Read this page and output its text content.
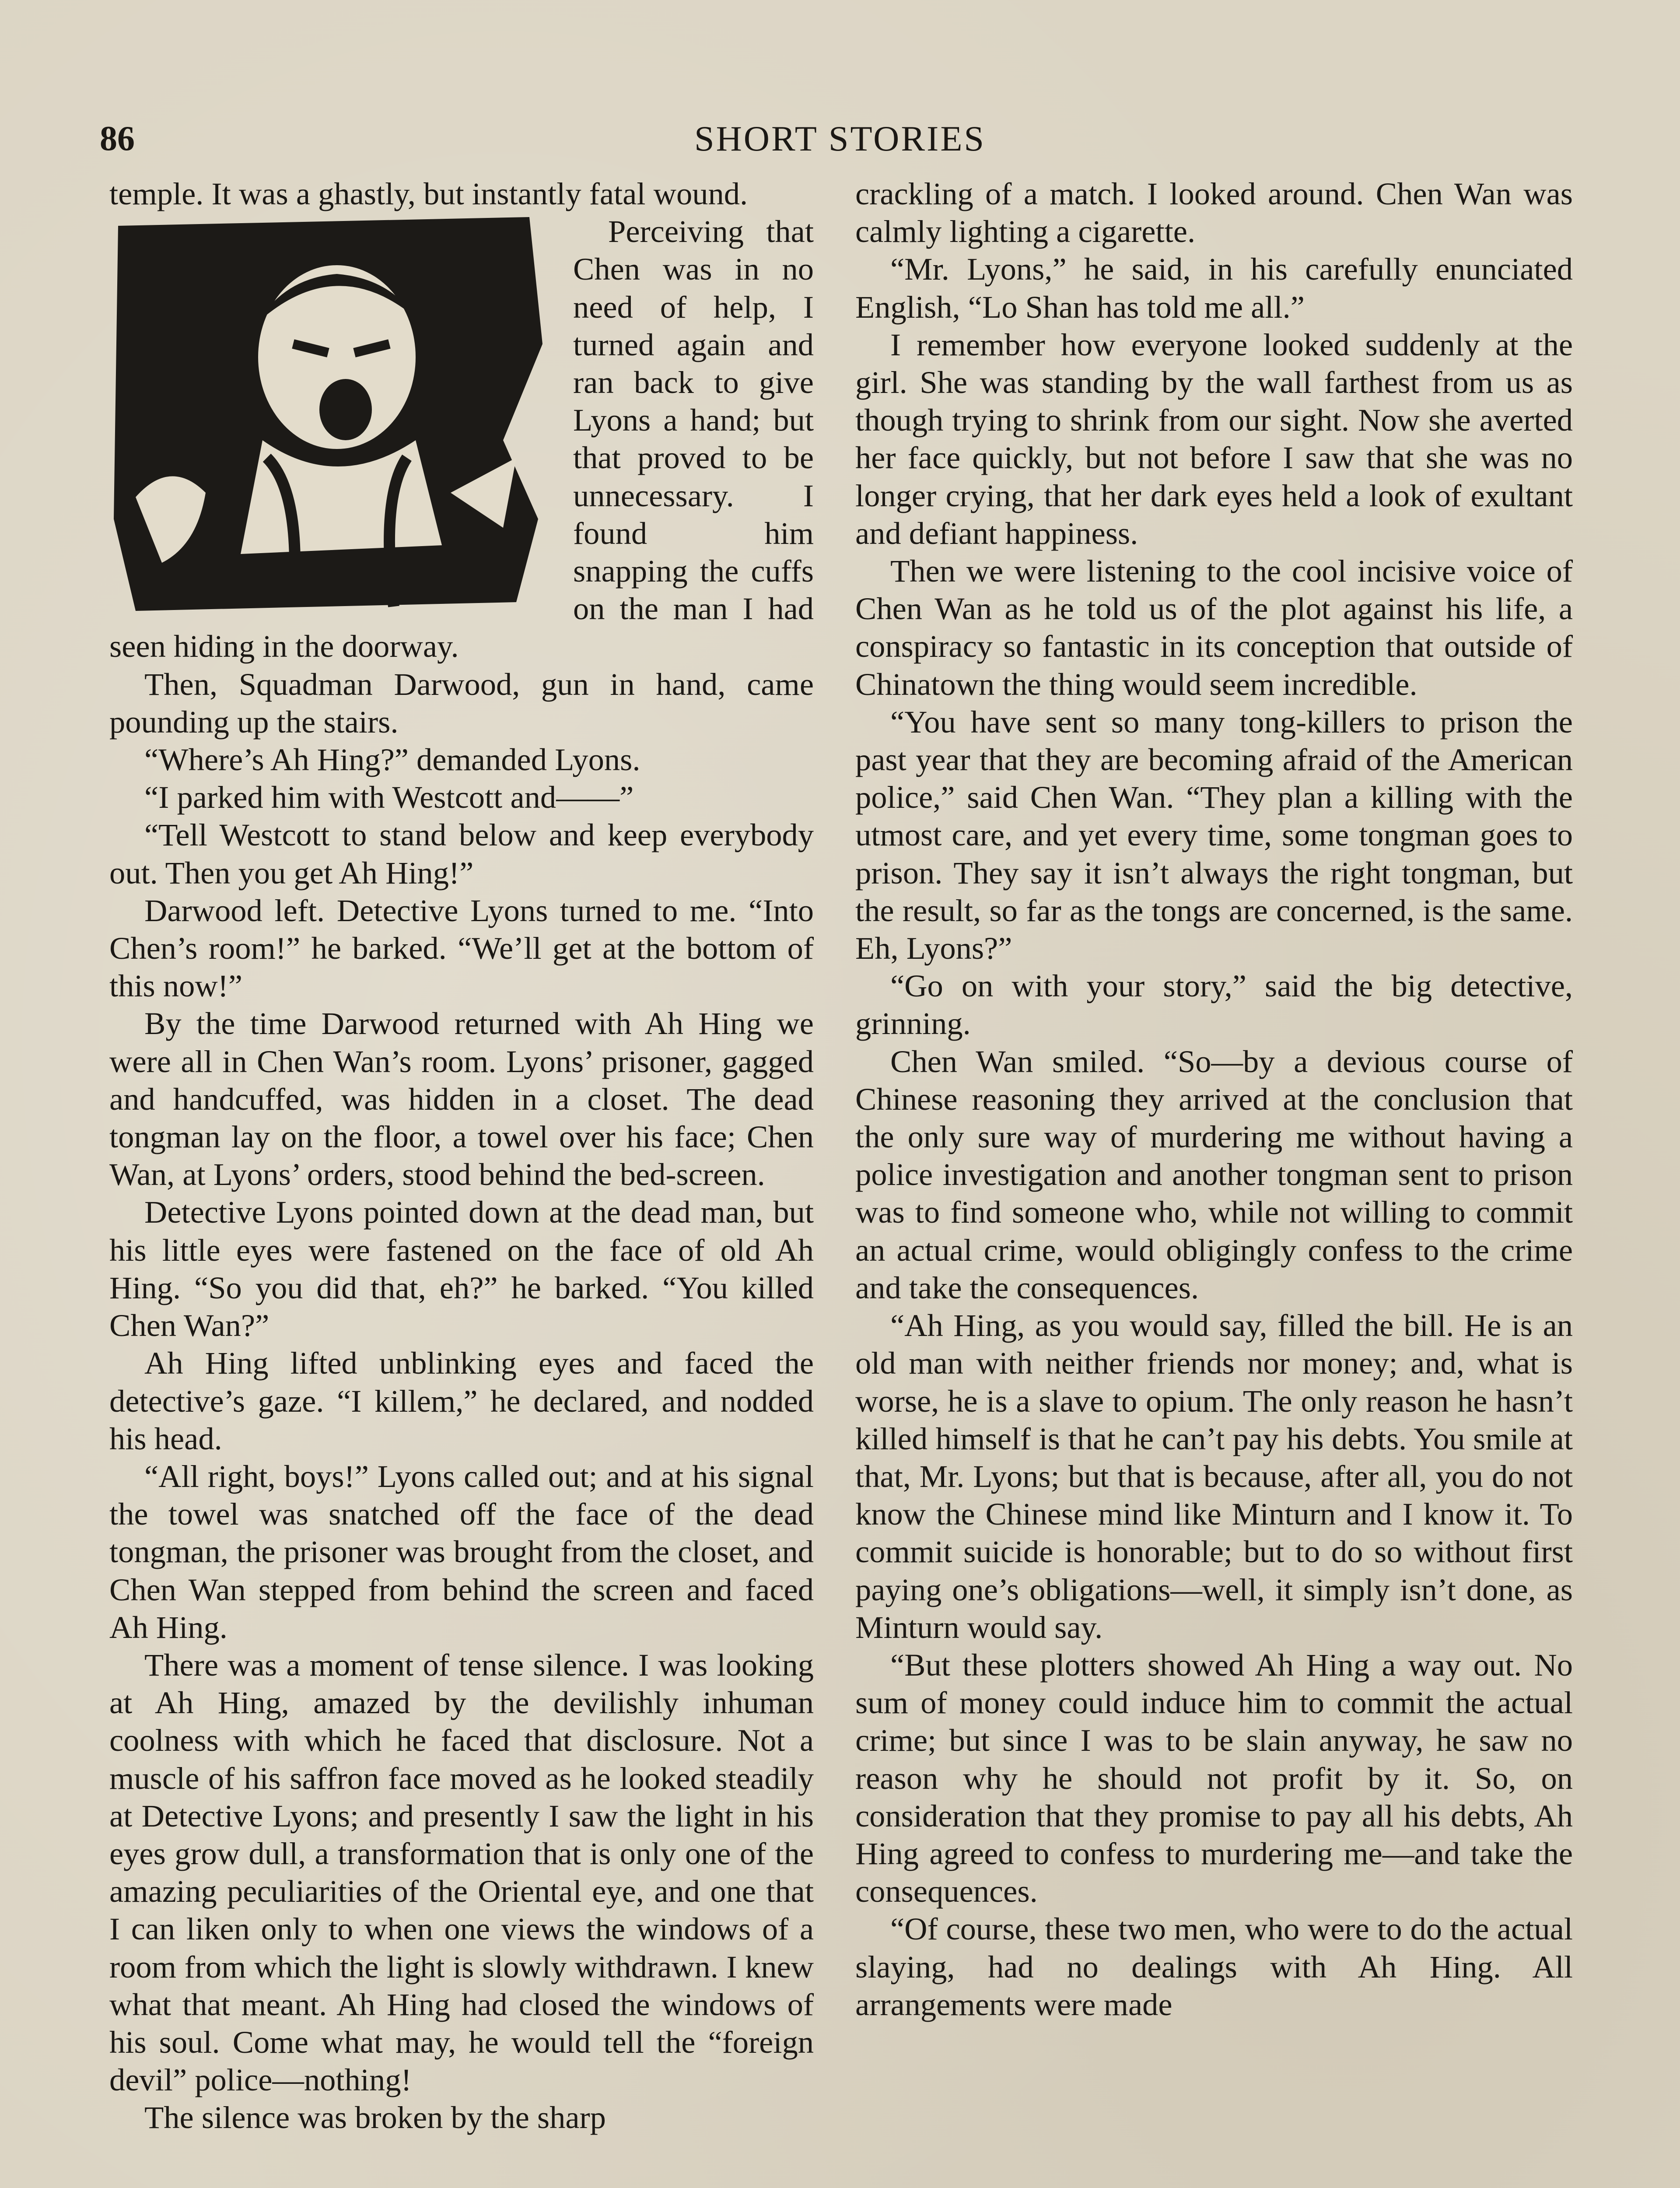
86	SHORT STORIES

temple. It was a ghastly, but instantly fatal wound.

Perceiving that Chen was in no need of help, I turned again and ran back to give Lyons a hand; but that proved to be unnecessary. I found him snapping the cuffs on the man I had seen hiding in the doorway.

Then, Squadman Darwood, gun in hand, came pounding up the stairs.

“Where’s Ah Hing?” demanded Lyons.

“I parked him with Westcott and——”

“Tell Westcott to stand below and keep everybody out. Then you get Ah Hing!”

Darwood left. Detective Lyons turned to me. “Into Chen’s room!” he barked. “We’ll get at the bottom of this now!”

By the time Darwood returned with Ah Hing we were all in Chen Wan’s room. Lyons’ prisoner, gagged and handcuffed, was hidden in a closet. The dead tongman lay on the floor, a towel over his face; Chen Wan, at Lyons’ orders, stood behind the bed-screen.

Detective Lyons pointed down at the dead man, but his little eyes were fastened on the face of old Ah Hing. “So you did that, eh?” he barked. “You killed Chen Wan?”

Ah Hing lifted unblinking eyes and faced the detective’s gaze. “I killem,” he declared, and nodded his head.

“All right, boys!” Lyons called out; and at his signal the towel was snatched off the face of the dead tongman, the prisoner was brought from the closet, and Chen Wan stepped from behind the screen and faced Ah Hing.

There was a moment of tense silence. I was looking at Ah Hing, amazed by the devilishly inhuman coolness with which he faced that disclosure. Not a muscle of his saffron face moved as he looked steadily at Detective Lyons; and presently I saw the light in his eyes grow dull, a transformation that is only one of the amazing peculiarities of the Oriental eye, and one that I can liken only to when one views the windows of a room from which the light is slowly withdrawn. I knew what that meant. Ah Hing had closed the windows of his soul. Come what may, he would tell the “foreign devil” police—nothing!

The silence was broken by the sharp

crackling of a match. I looked around. Chen Wan was calmly lighting a cigarette.

“Mr. Lyons,” he said, in his carefully enunciated English, “Lo Shan has told me all.”

I remember how everyone looked suddenly at the girl. She was standing by the wall farthest from us as though trying to shrink from our sight. Now she averted her face quickly, but not before I saw that she was no longer crying, that her dark eyes held a look of exultant and defiant happiness.

Then we were listening to the cool incisive voice of Chen Wan as he told us of the plot against his life, a conspiracy so fantastic in its conception that outside of Chinatown the thing would seem incredible.

“You have sent so many tong-killers to prison the past year that they are becoming afraid of the American police,” said Chen Wan. “They plan a killing with the utmost care, and yet every time, some tongman goes to prison. They say it isn’t always the right tongman, but the result, so far as the tongs are concerned, is the same. Eh, Lyons?”

“Go on with your story,” said the big detective, grinning.

Chen Wan smiled. “So—by a devious course of Chinese reasoning they arrived at the conclusion that the only sure way of murdering me without having a police investigation and another tongman sent to prison was to find someone who, while not willing to commit an actual crime, would obligingly confess to the crime and take the consequences.

“Ah Hing, as you would say, filled the bill. He is an old man with neither friends nor money; and, what is worse, he is a slave to opium. The only reason he hasn’t killed himself is that he can’t pay his debts. You smile at that, Mr. Lyons; but that is because, after all, you do not know the Chinese mind like Minturn and I know it. To commit suicide is honorable; but to do so without first paying one’s obligations—well, it simply isn’t done, as Minturn would say.

“But these plotters showed Ah Hing a way out. No sum of money could induce him to commit the actual crime; but since I was to be slain anyway, he saw no reason why he should not profit by it. So, on consideration that they promise to pay all his debts, Ah Hing agreed to confess to murdering me—and take the consequences.

“Of course, these two men, who were to do the actual slaying, had no dealings with Ah Hing. All arrangements were made
